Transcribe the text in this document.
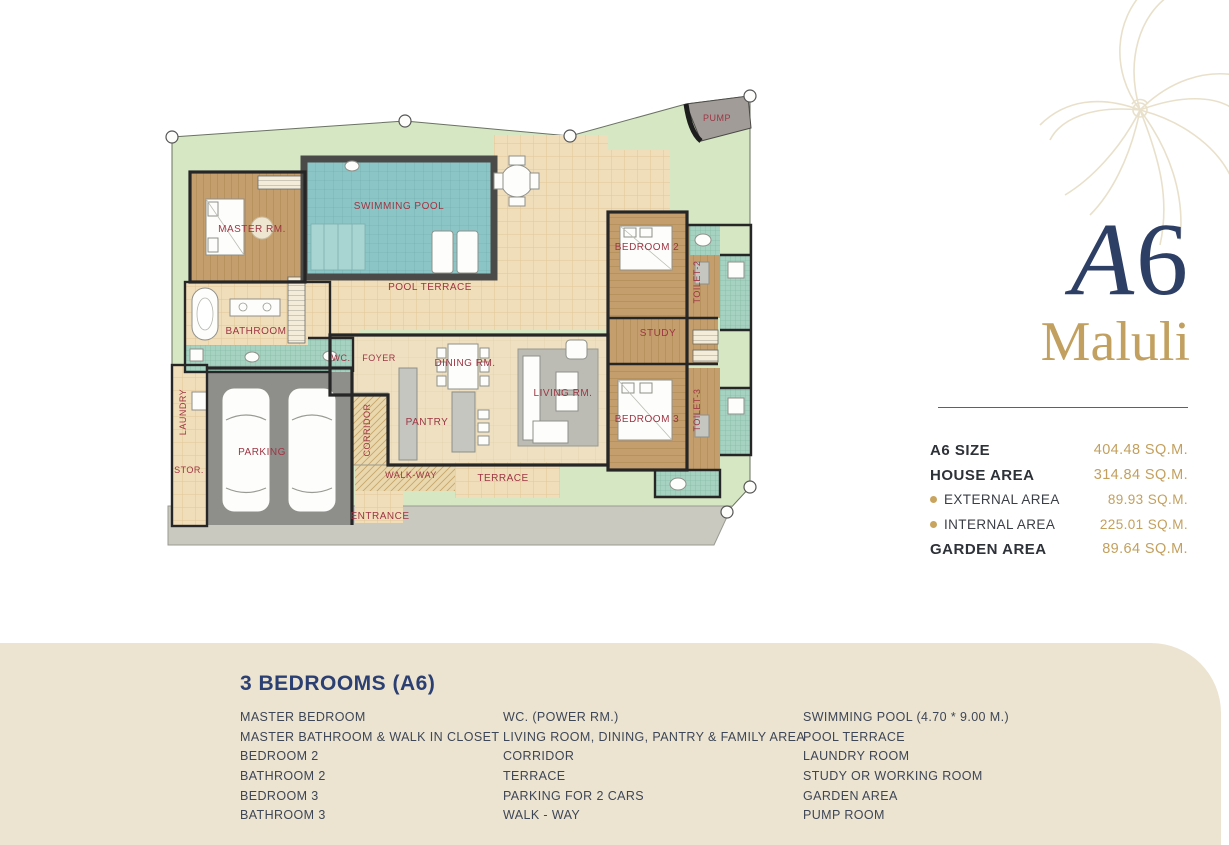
PUMP
SWIMMING POOL
POOL TERRACE
MASTER RM.
BATHROOM
WC. FOYER	DINING RM.
LIVING RM.
PANTRY
CORRIDOR
PARKING
LAUNDRY
STOR.	WALK-WAY	TERRACE
ENTRANCE
BEDROOM 2
TOILET-2
STUDY
BEDROOM 3 TOILET-3
A6
Maluli
A6 SIZE	404.48 SQ.M.
HOUSE AREA	314.84 SQ.M.
EXTERNAL AREA	89.93 SQ.M.
INTERNAL AREA	225.01 SQ.M.
GARDEN AREA	89.64 SQ.M.
3 BEDROOMS (A6)
MASTER BEDROOM
MASTER BATHROOM & WALK IN CLOSET
BEDROOM 2
BATHROOM 2
BEDROOM 3
BATHROOM 3
WC. (POWER RM.)
LIVING ROOM, DINING, PANTRY & FAMILY AREA
CORRIDOR
TERRACE
PARKING FOR 2 CARS
WALK - WAY
SWIMMING POOL (4.70 * 9.00 M.)
POOL TERRACE
LAUNDRY ROOM
STUDY OR WORKING ROOM
GARDEN AREA
PUMP ROOM
